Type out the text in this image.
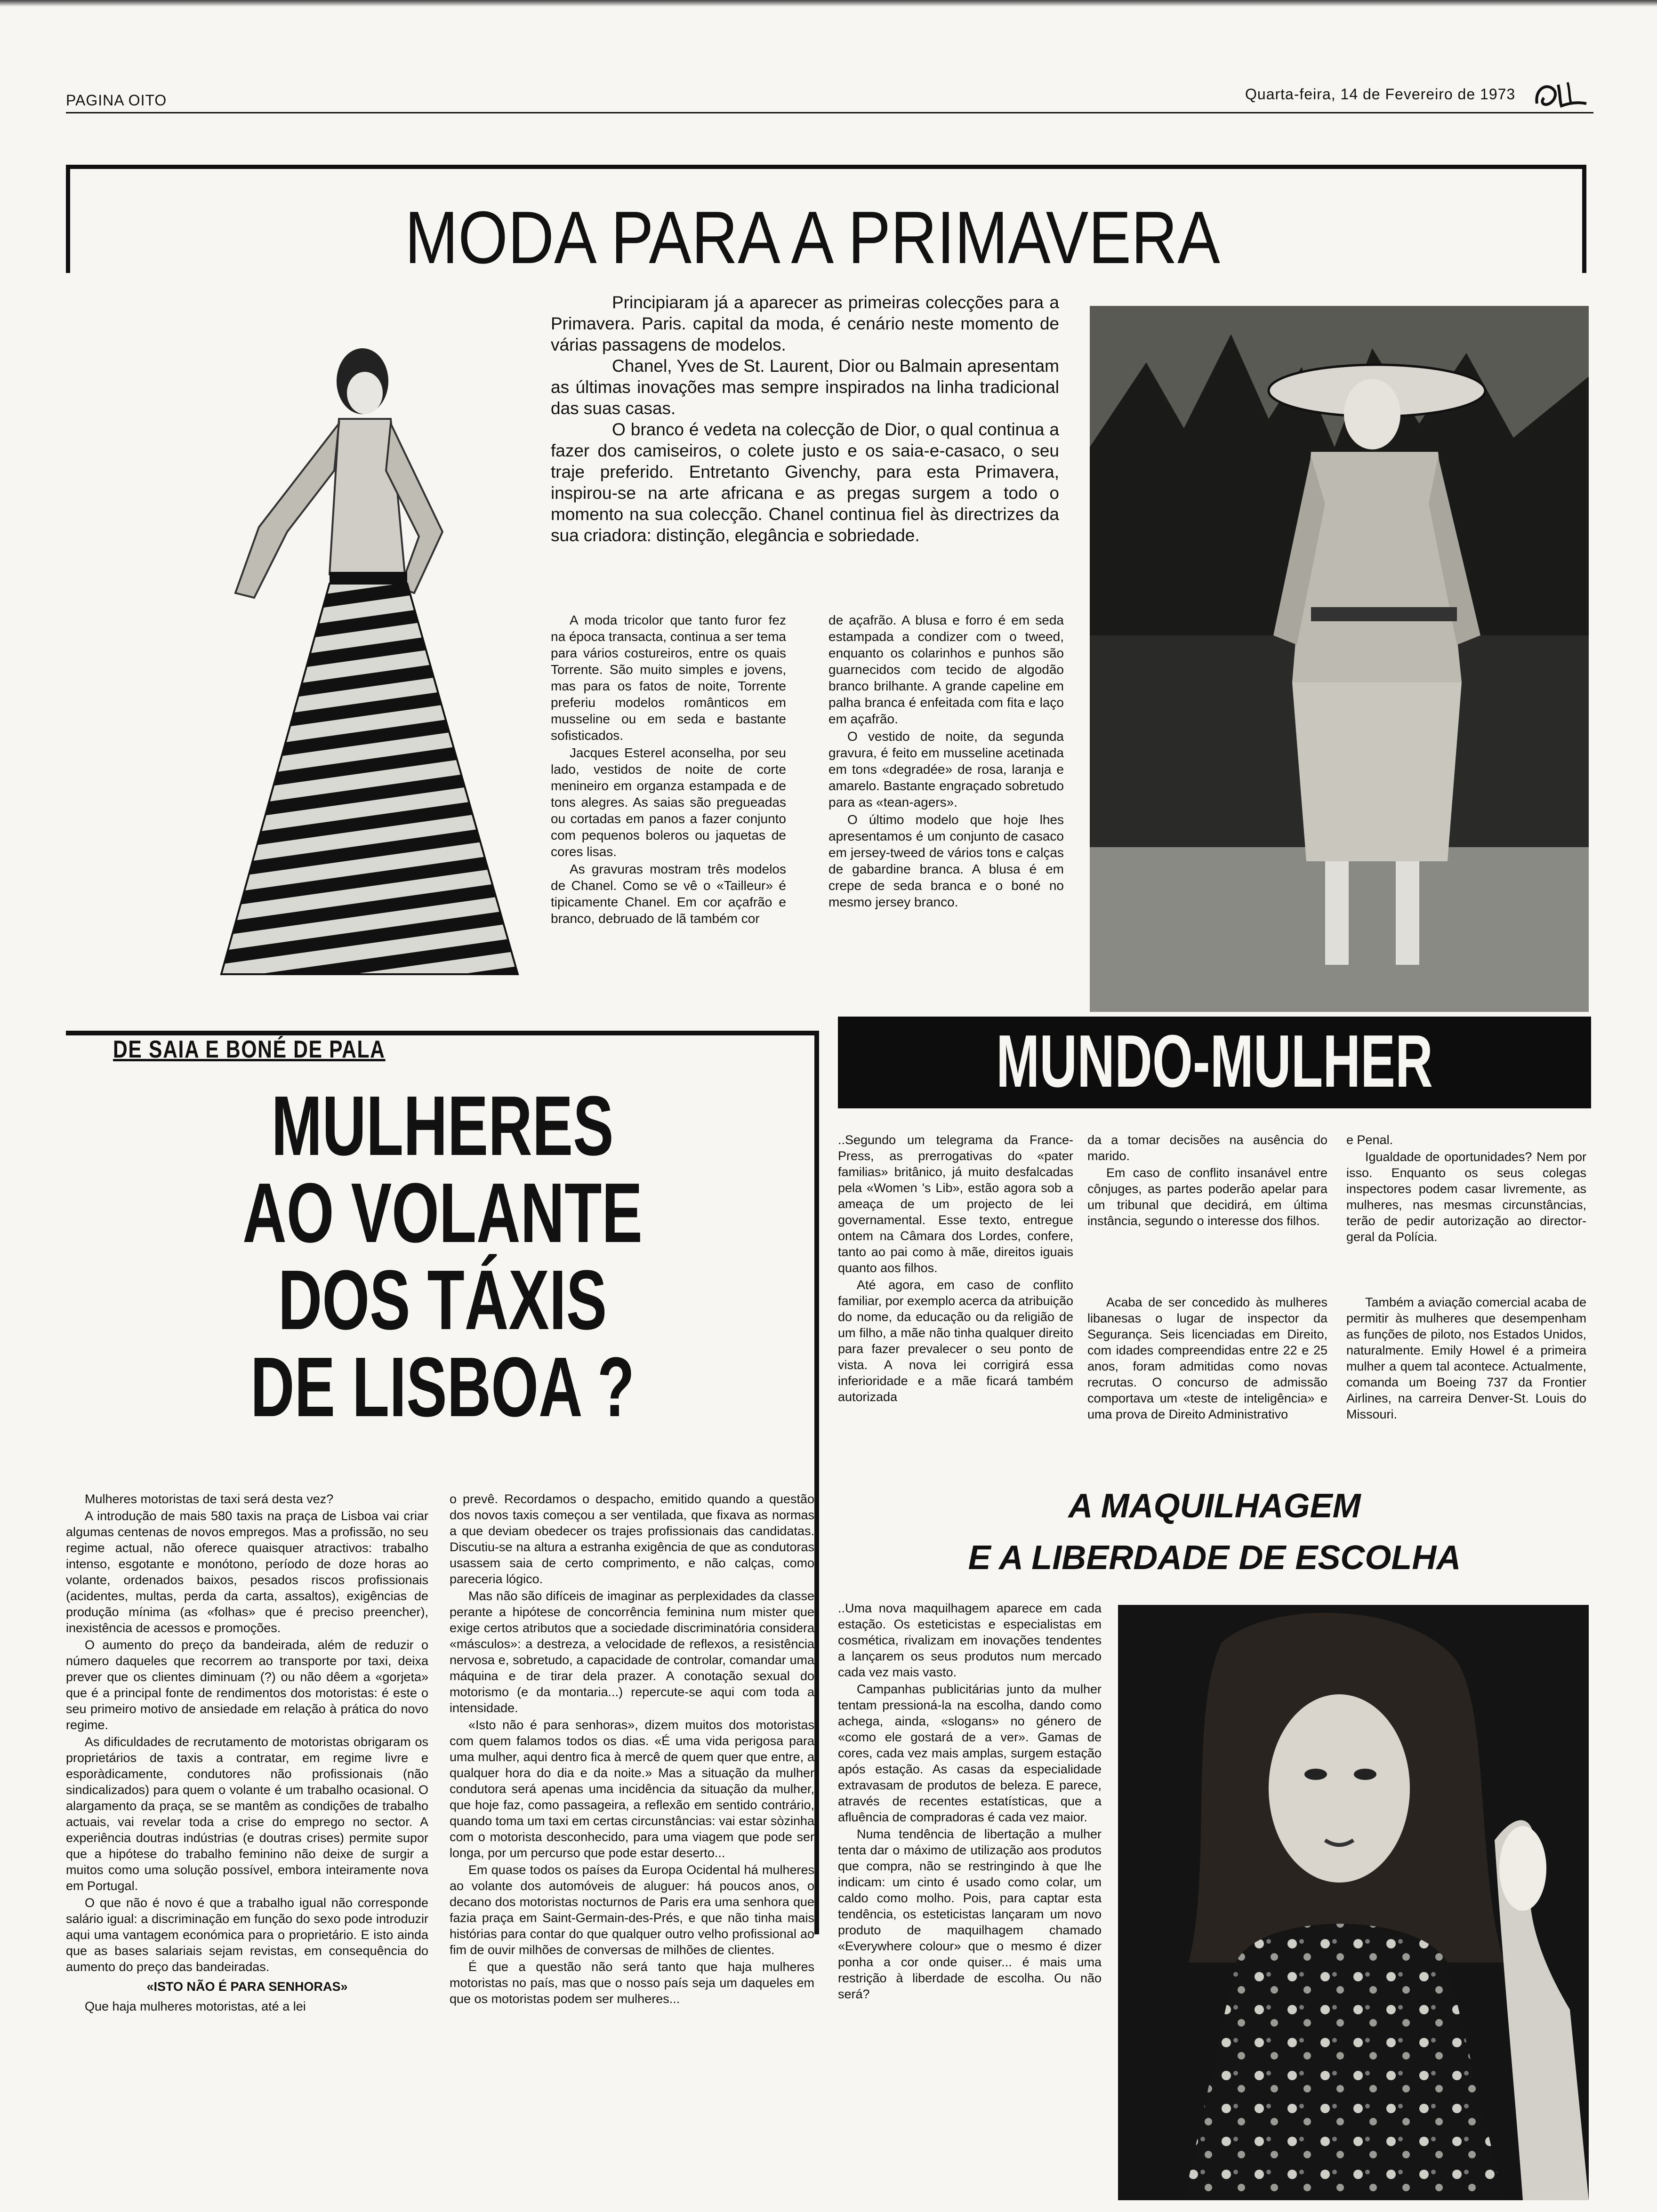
PAGINA OITO	Quarta-feira, 14 de Fevereiro de 1973
MODA PARA A PRIMAVERA

Principiaram já a aparecer as primeiras colecções para a Primavera. Paris. capital da moda, é cenário neste momento de várias passagens de modelos.

Chanel, Yves de St. Laurent, Dior ou Balmain apresentam as últimas inovações mas sempre inspirados na linha tradicional das suas casas.

O branco é vedeta na colecção de Dior, o qual continua a fazer dos camiseiros, o colete justo e os saia-e-casaco, o seu traje preferido. Entretanto Givenchy, para esta Primavera, inspirou-se na arte africana e as pregas surgem a todo o momento na sua colecção. Chanel continua fiel às directrizes da sua criadora: distinção, elegância e sobriedade.

A moda tricolor que tanto furor fez na época transacta, continua a ser tema para vários costureiros, entre os quais Torrente. São muito simples e jovens, mas para os fatos de noite, Torrente preferiu modelos românticos em musseline ou em seda e bastante sofisticados.

Jacques Esterel aconselha, por seu lado, vestidos de noite de corte menineiro em organza estampada e de tons alegres. As saias são pregueadas ou cortadas em panos a fazer conjunto com pequenos boleros ou jaquetas de cores lisas.

As gravuras mostram três modelos de Chanel. Como se vê o «Tailleur» é tipicamente Chanel. Em cor açafrão e branco, debruado de lã também cor

de açafrão. A blusa e forro é em seda estampada a condizer com o tweed, enquanto os colarinhos e punhos são guarnecidos com tecido de algodão branco brilhante. A grande capeline em palha branca é enfeitada com fita e laço em açafrão.

O vestido de noite, da segunda gravura, é feito em musseline acetinada em tons «degradée» de rosa, laranja e amarelo. Bastante engraçado sobretudo para as «tean-agers».

O último modelo que hoje lhes apresentamos é um conjunto de casaco em jersey-tweed de vários tons e calças de gabardine branca. A blusa é em crepe de seda branca e o boné no mesmo jersey branco.

DE SAIA E BONÉ DE PALA
MULHERES
AO VOLANTE
DOS TÁXIS
DE LISBOA ?

Mulheres motoristas de taxi será desta vez?

A introdução de mais 580 taxis na praça de Lisboa vai criar algumas centenas de novos empregos. Mas a profissão, no seu regime actual, não oferece quaisquer atractivos: trabalho intenso, esgotante e monótono, período de doze horas ao volante, ordenados baixos, pesados riscos profissionais (acidentes, multas, perda da carta, assaltos), exigências de produção mínima (as «folhas» que é preciso preencher), inexistência de acessos e promoções.

O aumento do preço da bandeirada, além de reduzir o número daqueles que recorrem ao transporte por taxi, deixa prever que os clientes diminuam (?) ou não dêem a «gorjeta» que é a principal fonte de rendimentos dos motoristas: é este o seu primeiro motivo de ansiedade em relação à prática do novo regime.

As dificuldades de recrutamento de motoristas obrigaram os proprietários de taxis a contratar, em regime livre e esporàdicamente, condutores não profissionais (não sindicalizados) para quem o volante é um trabalho ocasional. O alargamento da praça, se se mantêm as condições de trabalho actuais, vai revelar toda a crise do emprego no sector. A experiência doutras indústrias (e doutras crises) permite supor que a hipótese do trabalho feminino não deixe de surgir a muitos como uma solução possível, embora inteiramente nova em Portugal.

O que não é novo é que a trabalho igual não corresponde salário igual: a discriminação em função do sexo pode introduzir aqui uma vantagem económica para o proprietário. E isto ainda que as bases salariais sejam revistas, em consequência do aumento do preço das bandeiradas.

«ISTO NÃO É PARA SENHORAS»

Que haja mulheres motoristas, até a lei

o prevê. Recordamos o despacho, emitido quando a questão dos novos taxis começou a ser ventilada, que fixava as normas a que deviam obedecer os trajes profissionais das candidatas. Discutiu-se na altura a estranha exigência de que as condutoras usassem saia de certo comprimento, e não calças, como pareceria lógico.

Mas não são difíceis de imaginar as perplexidades da classe perante a hipótese de concorrência feminina num mister que exige certos atributos que a sociedade discriminatória considera «másculos»: a destreza, a velocidade de reflexos, a resistência nervosa e, sobretudo, a capacidade de controlar, comandar uma máquina e de tirar dela prazer. A conotação sexual do motorismo (e da montaria...) repercute-se aqui com toda a intensidade.

«Isto não é para senhoras», dizem muitos dos motoristas com quem falamos todos os dias. «É uma vida perigosa para uma mulher, aqui dentro fica à mercê de quem quer que entre, a qualquer hora do dia e da noite.» Mas a situação da mulher condutora será apenas uma incidência da situação da mulher, que hoje faz, como passageira, a reflexão em sentido contrário, quando toma um taxi em certas circunstâncias: vai estar sòzinha com o motorista desconhecido, para uma viagem que pode ser longa, por um percurso que pode estar deserto...

Em quase todos os países da Europa Ocidental há mulheres ao volante dos automóveis de aluguer: há poucos anos, o decano dos motoristas nocturnos de Paris era uma senhora que fazia praça em Saint-Germain-des-Prés, e que não tinha mais histórias para contar do que qualquer outro velho profissional ao fim de ouvir milhões de conversas de milhões de clientes.

É que a questão não será tanto que haja mulheres motoristas no país, mas que o nosso país seja um daqueles em que os motoristas podem ser mulheres...

MUNDO-MULHER

..Segundo um telegrama da France-Press, as prerrogativas do «pater familias» britânico, já muito desfalcadas pela «Women 's Lib», estão agora sob a ameaça de um projecto de lei governamental. Esse texto, entregue ontem na Câmara dos Lordes, confere, tanto ao pai como à mãe, direitos iguais quanto aos filhos.

Até agora, em caso de conflito familiar, por exemplo acerca da atribuição do nome, da educação ou da religião de um filho, a mãe não tinha qualquer direito para fazer prevalecer o seu ponto de vista. A nova lei corrigirá essa inferioridade e a mãe ficará também autorizada

da a tomar decisões na ausência do marido.

Em caso de conflito insanável entre cônjuges, as partes poderão apelar para um tribunal que decidirá, em última instância, segundo o interesse dos filhos.

Acaba de ser concedido às mulheres libanesas o lugar de inspector da Segurança. Seis licenciadas em Direito, com idades compreendidas entre 22 e 25 anos, foram admitidas como novas recrutas. O concurso de admissão comportava um «teste de inteligência» e uma prova de Direito Administrativo

e Penal.

Igualdade de oportunidades? Nem por isso. Enquanto os seus colegas inspectores podem casar livremente, as mulheres, nas mesmas circunstâncias, terão de pedir autorização ao director-geral da Polícia.

Também a aviação comercial acaba de permitir às mulheres que desempenham as funções de piloto, nos Estados Unidos, naturalmente. Emily Howel é a primeira mulher a quem tal acontece. Actualmente, comanda um Boeing 737 da Frontier Airlines, na carreira Denver-St. Louis do Missouri.

A MAQUILHAGEM
E A LIBERDADE DE ESCOLHA

..Uma nova maquilhagem aparece em cada estação. Os esteticistas e especialistas em cosmética, rivalizam em inovações tendentes a lançarem os seus produtos num mercado cada vez mais vasto.

Campanhas publicitárias junto da mulher tentam pressioná-la na escolha, dando como achega, ainda, «slogans» no género de «como ele gostará de a ver». Gamas de cores, cada vez mais amplas, surgem estação após estação. As casas da especialidade extravasam de produtos de beleza. E parece, através de recentes estatísticas, que a afluência de compradoras é cada vez maior.

Numa tendência de libertação a mulher tenta dar o máximo de utilização aos produtos que compra, não se restringindo à que lhe indicam: um cinto é usado como colar, um caldo como molho. Pois, para captar esta tendência, os esteticistas lançaram um novo produto de maquilhagem chamado «Everywhere colour» que o mesmo é dizer ponha a cor onde quiser... é mais uma restrição à liberdade de escolha. Ou não será?
